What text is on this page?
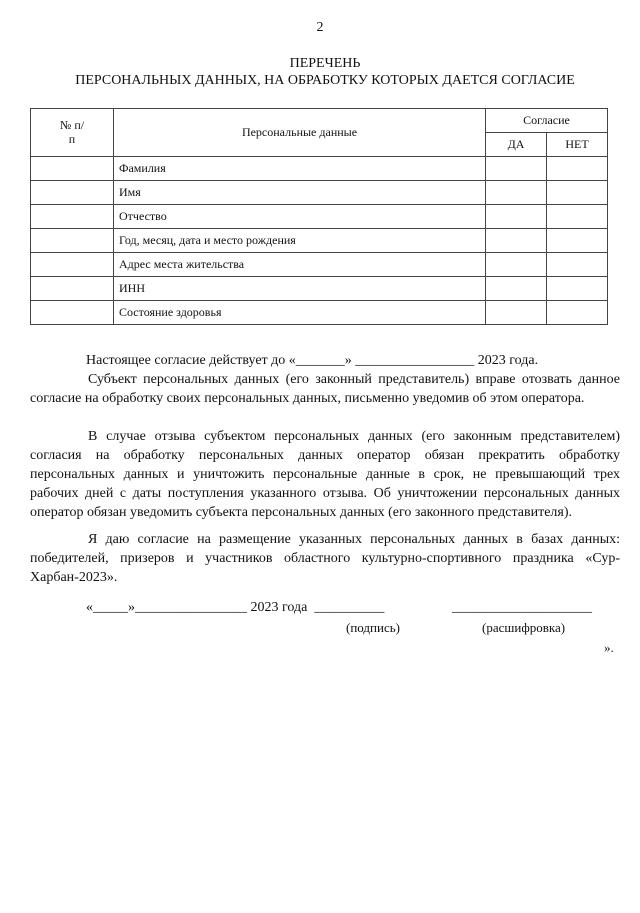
2
ПЕРЕЧЕНЬ
ПЕРСОНАЛЬНЫХ ДАННЫХ, НА ОБРАБОТКУ КОТОРЫХ ДАЕТСЯ СОГЛАСИЕ
№ п/п	Персональные данные	Согласие	
		ДА	НЕТ
	Фамилия		
	Имя		
	Отчество		
	Год, месяц, дата и место рождения		
	Адрес места жительства		
	ИНН		
	Состояние здоровья		
Настоящее согласие действует до «_______» _________________ 2023 года.
Субъект персональных данных (его законный представитель) вправе отозвать данное согласие на обработку своих персональных данных, письменно уведомив об этом оператора.
В случае отзыва субъектом персональных данных (его законным представителем) согласия на обработку персональных данных оператор обязан прекратить обработку персональных данных и уничтожить персональные данные в срок, не превышающий трех рабочих дней с даты поступления указанного отзыва. Об уничтожении персональных данных оператор обязан уведомить субъекта персональных данных (его законного представителя).
Я даю согласие на размещение указанных персональных данных в базах данных: победителей, призеров и участников областного культурно-спортивного праздника «Сур-Харбан-2023».
«_____»________________ 2023 года  __________	____________________
(подпись)	(расшифровка)
».
